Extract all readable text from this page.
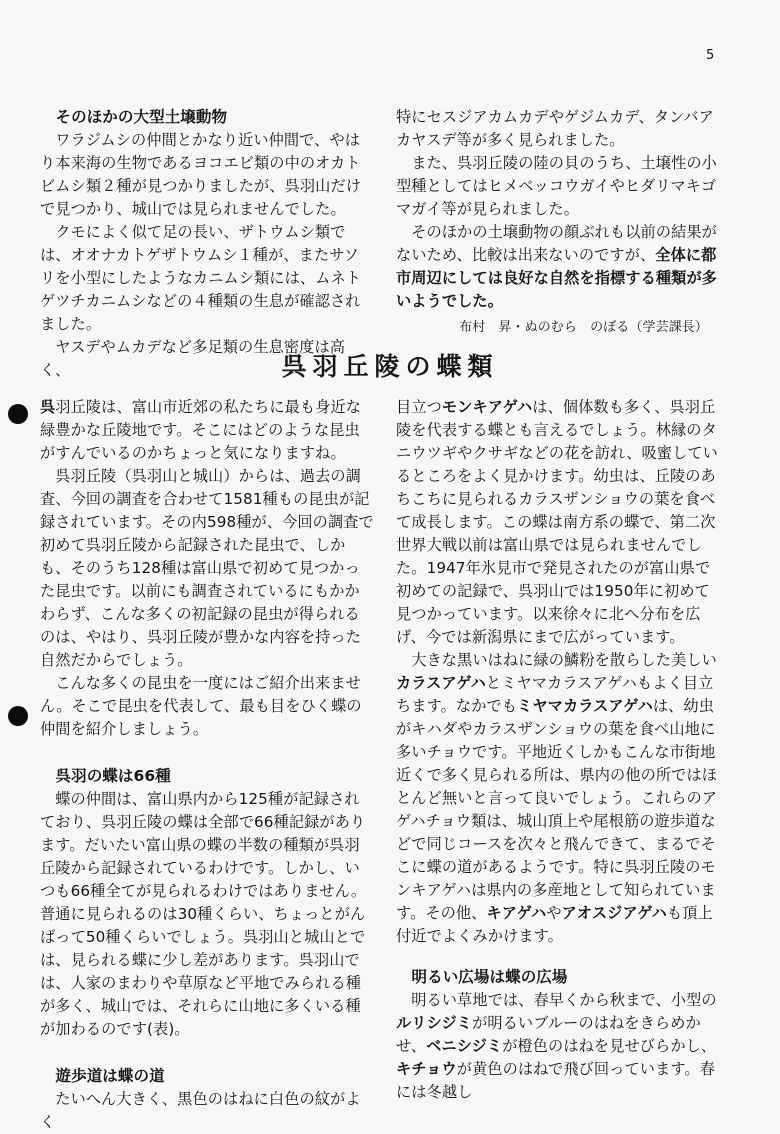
5

そのほかの大型土壌動物

ワラジムシの仲間とかなり近い仲間で、やはり本来海の生物であるヨコエビ類の中のオカトビムシ類２種が見つかりましたが、呉羽山だけで見つかり、城山では見られませんでした。

クモによく似て足の長い、ザトウムシ類では、オオナカトゲザトウムシ１種が、またサソリを小型にしたようなカニムシ類には、ムネトゲツチカニムシなどの４種類の生息が確認されました。

ヤスデやムカデなど多足類の生息密度は高く、

特にセスジアカムカデやゲジムカデ、タンバアカヤスデ等が多く見られました。

また、呉羽丘陵の陸の貝のうち、土壌性の小型種としてはヒメベッコウガイやヒダリマキゴマガイ等が見られました。

そのほかの土壌動物の顔ぶれも以前の結果がないため、比較は出来ないのですが、全体に都市周辺にしては良好な自然を指標する種類が多いようでした。

布村　昇・ぬのむら　のぼる（学芸課長）
呉羽丘陵の蝶類

呉羽丘陵は、富山市近郊の私たちに最も身近な緑豊かな丘陵地です。そこにはどのような昆虫がすんでいるのかちょっと気になりますね。

呉羽丘陵（呉羽山と城山）からは、過去の調査、今回の調査を合わせて1581種もの昆虫が記録されています。その内598種が、今回の調査で初めて呉羽丘陵から記録された昆虫で、しかも、そのうち128種は富山県で初めて見つかった昆虫です。以前にも調査されているにもかかわらず、こんな多くの初記録の昆虫が得られるのは、やはり、呉羽丘陵が豊かな内容を持った自然だからでしょう。

こんな多くの昆虫を一度にはご紹介出来ません。そこで昆虫を代表して、最も目をひく蝶の仲間を紹介しましょう。

呉羽の蝶は66種

蝶の仲間は、富山県内から125種が記録されており、呉羽丘陵の蝶は全部で66種記録があります。だいたい富山県の蝶の半数の種類が呉羽丘陵から記録されているわけです。しかし、いつも66種全てが見られるわけではありません。普通に見られるのは30種くらい、ちょっとがんばって50種くらいでしょう。呉羽山と城山とでは、見られる蝶に少し差があります。呉羽山では、人家のまわりや草原など平地でみられる種が多く、城山では、それらに山地に多くいる種が加わるのです(表)。

遊歩道は蝶の道

たいへん大きく、黒色のはねに白色の紋がよく

目立つモンキアゲハは、個体数も多く、呉羽丘陵を代表する蝶とも言えるでしょう。林縁のタニウツギやクサギなどの花を訪れ、吸蜜しているところをよく見かけます。幼虫は、丘陵のあちこちに見られるカラスザンショウの葉を食べて成長します。この蝶は南方系の蝶で、第二次世界大戦以前は富山県では見られませんでした。1947年氷見市で発見されたのが富山県で初めての記録で、呉羽山では1950年に初めて見つかっています。以来徐々に北へ分布を広げ、今では新潟県にまで広がっています。

大きな黒いはねに緑の鱗粉を散らした美しいカラスアゲハとミヤマカラスアゲハもよく目立ちます。なかでもミヤマカラスアゲハは、幼虫がキハダやカラスザンショウの葉を食べ山地に多いチョウです。平地近くしかもこんな市街地近くで多く見られる所は、県内の他の所ではほとんど無いと言って良いでしょう。これらのアゲハチョウ類は、城山頂上や尾根筋の遊歩道などで同じコースを次々と飛んできて、まるでそこに蝶の道があるようです。特に呉羽丘陵のモンキアゲハは県内の多産地として知られています。その他、キアゲハやアオスジアゲハも頂上付近でよくみかけます。

明るい広場は蝶の広場

明るい草地では、春早くから秋まで、小型のルリシジミが明るいブルーのはねをきらめかせ、ベニシジミが橙色のはねを見せびらかし、キチョウが黄色のはねで飛び回っています。春には冬越し
